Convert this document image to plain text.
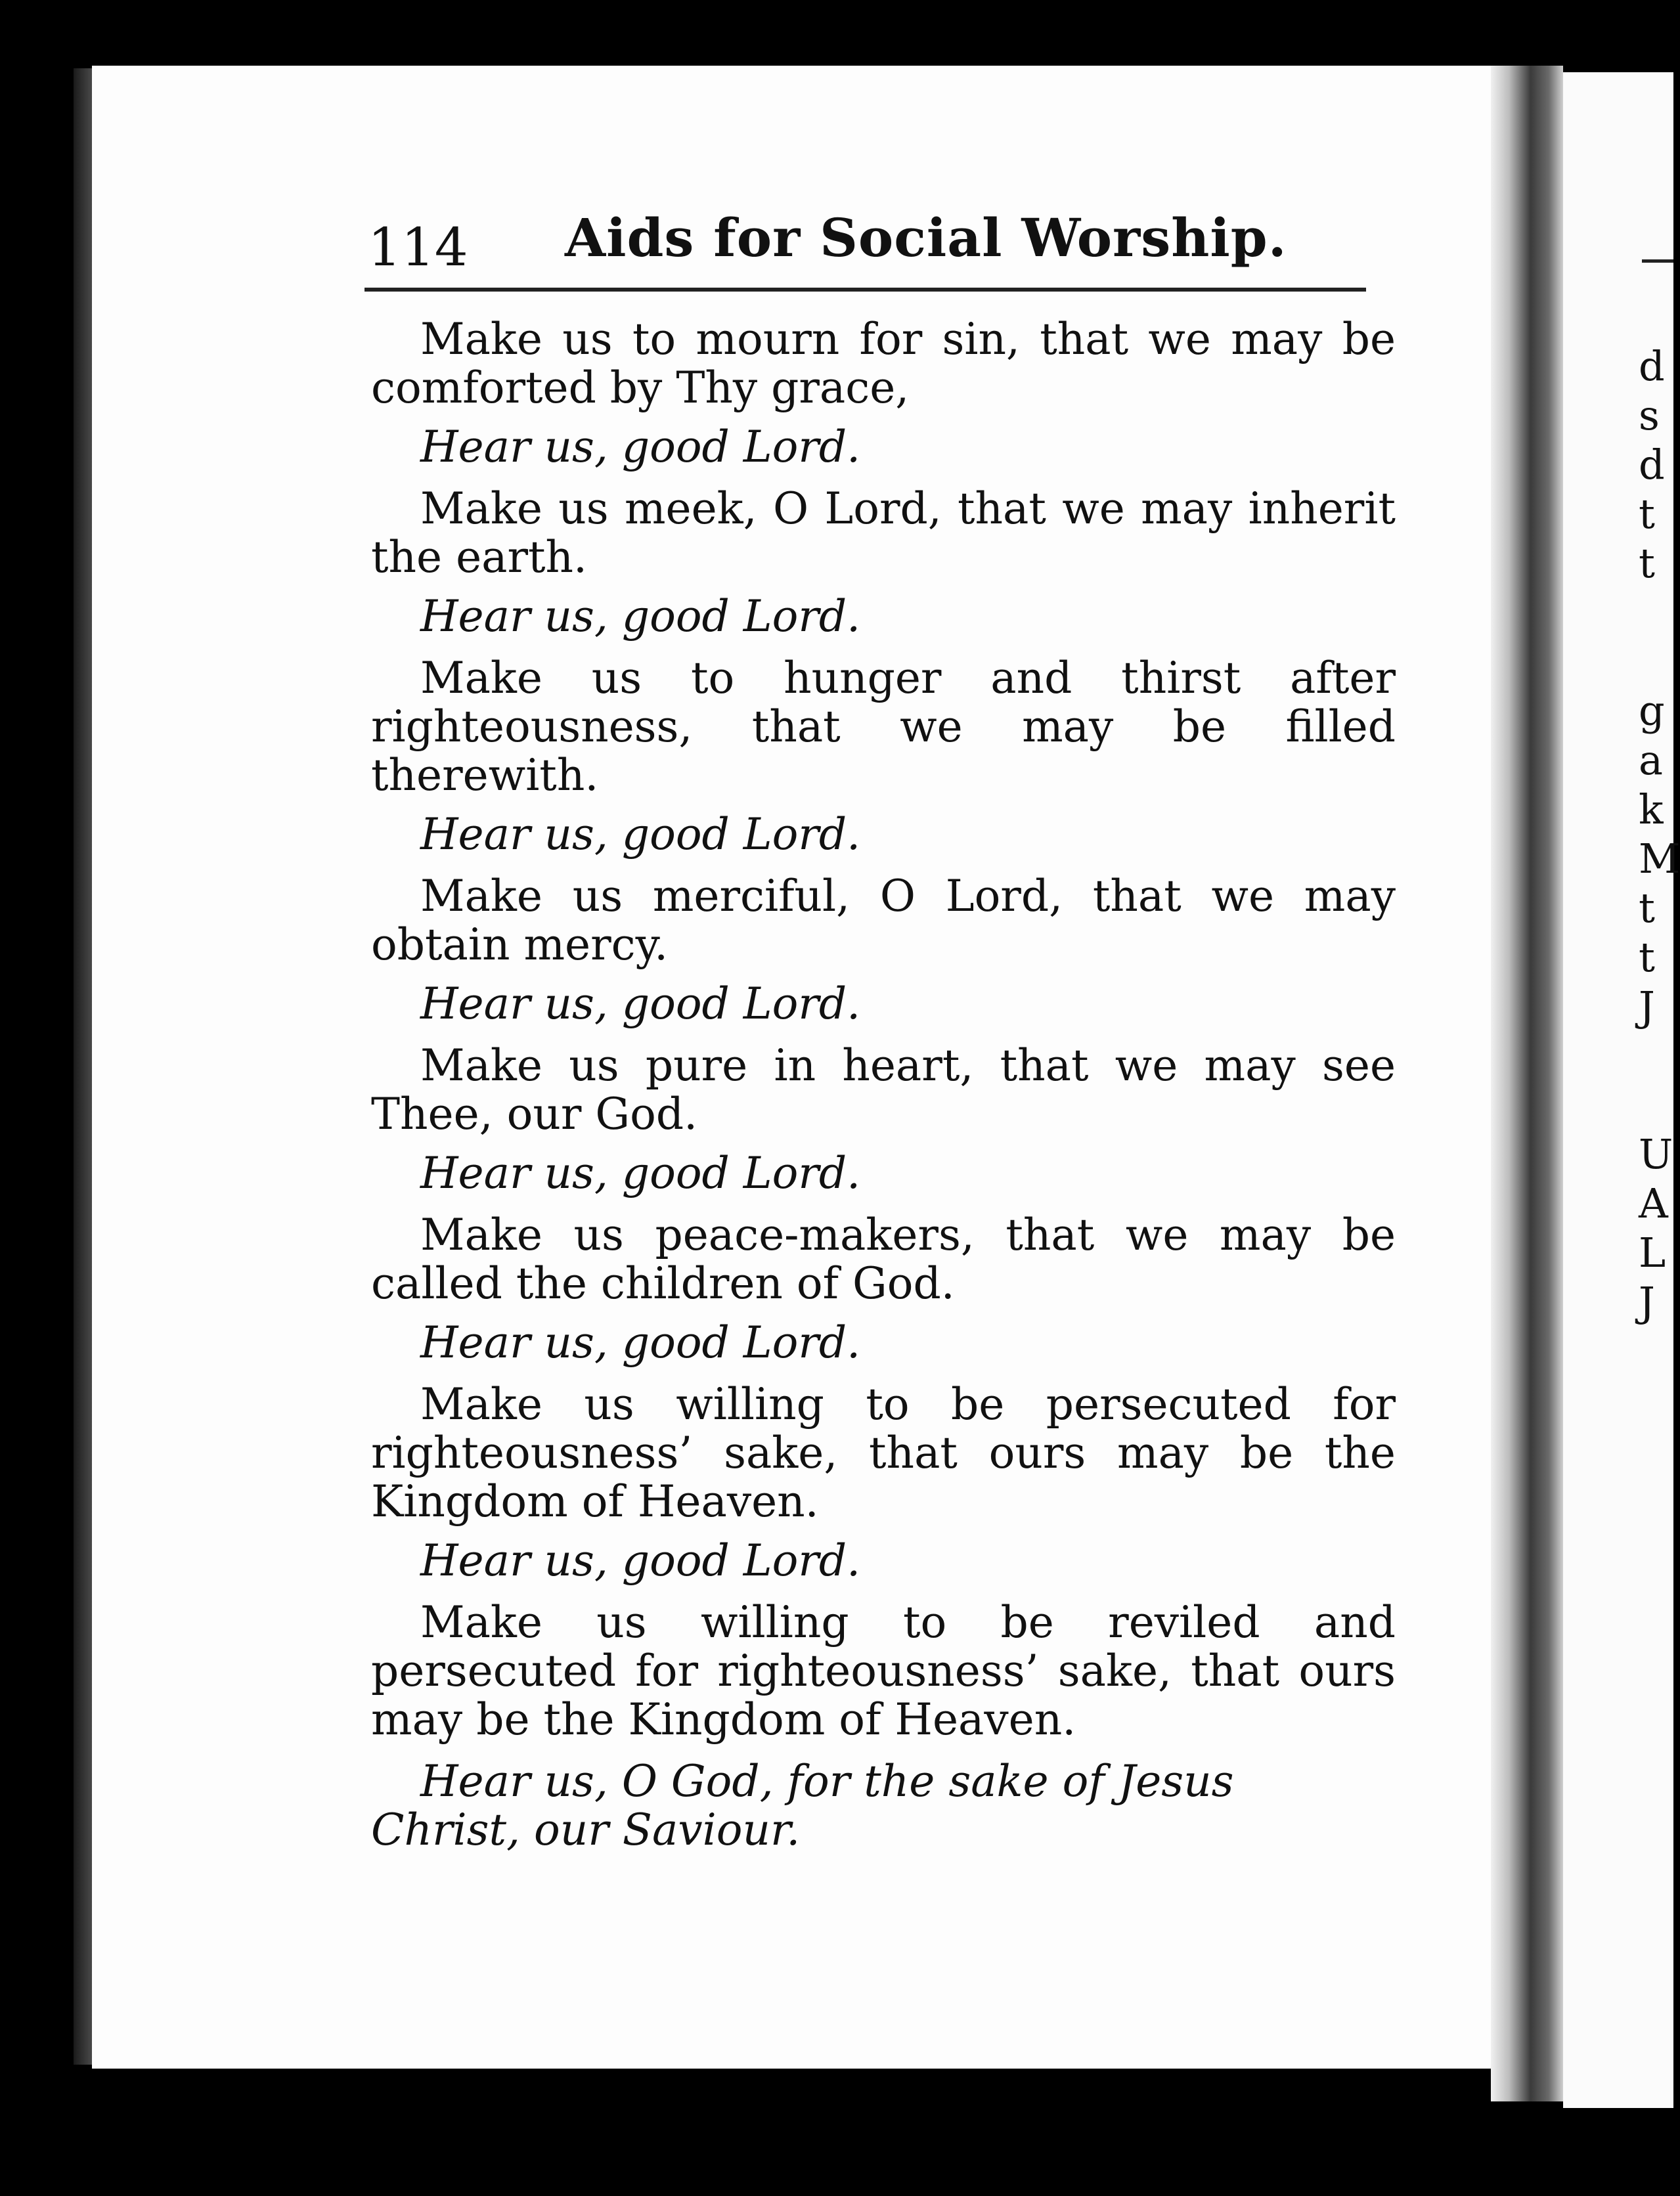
114 Aids for Social Worship.

Make us to mourn for sin, that we may be comforted by Thy grace,

Hear us, good Lord.

Make us meek, O Lord, that we may inherit the earth.

Hear us, good Lord.

Make us to hunger and thirst after righteousness, that we may be filled therewith.

Hear us, good Lord.

Make us merciful, O Lord, that we may obtain mercy.

Hear us, good Lord.

Make us pure in heart, that we may see Thee, our God.

Hear us, good Lord.

Make us peace-makers, that we may be called the children of God.

Hear us, good Lord.

Make us willing to be persecuted for righteousness’ sake, that ours may be the Kingdom of Heaven.

Hear us, good Lord.

Make us willing to be reviled and persecuted for righteousness’ sake, that ours may be the Kingdom of Heaven.

Hear us, O God, for the sake of Jesus Christ, our Saviour.
d
s
d
t
t
g
a
k
M
t
t
J
U
A
L
J
